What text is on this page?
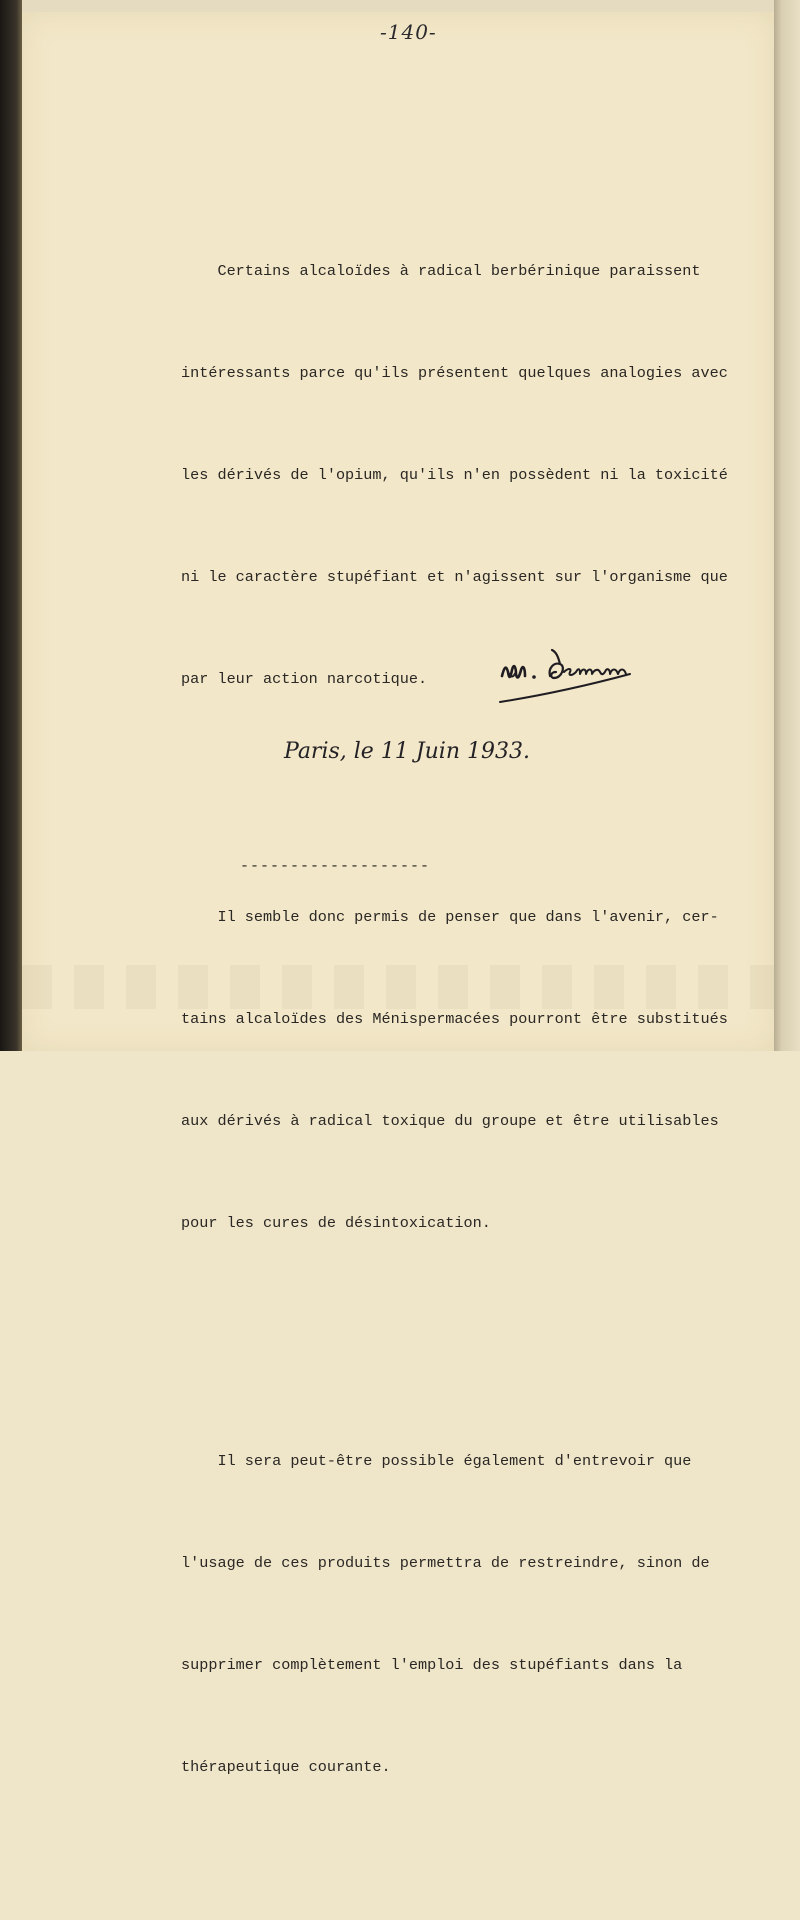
-140-

Certains alcaloïdes à radical berbérinique paraissent

intéressants parce qu'ils présentent quelques analogies avec

les dérivés de l'opium, qu'ils n'en possèdent ni la toxicité

ni le caractère stupéfiant et n'agissent sur l'organisme que

par leur action narcotique.

Il semble donc permis de penser que dans l'avenir, cer-

tains alcaloïdes des Ménispermacées pourront être substitués

aux dérivés à radical toxique du groupe et être utilisables

pour les cures de désintoxication.

Il sera peut-être possible également d'entrevoir que

l'usage de ces produits permettra de restreindre, sinon de

supprimer complètement l'emploi des stupéfiants dans la

thérapeutique courante.

Paris, le 11 Juin 1933.
-------------------
